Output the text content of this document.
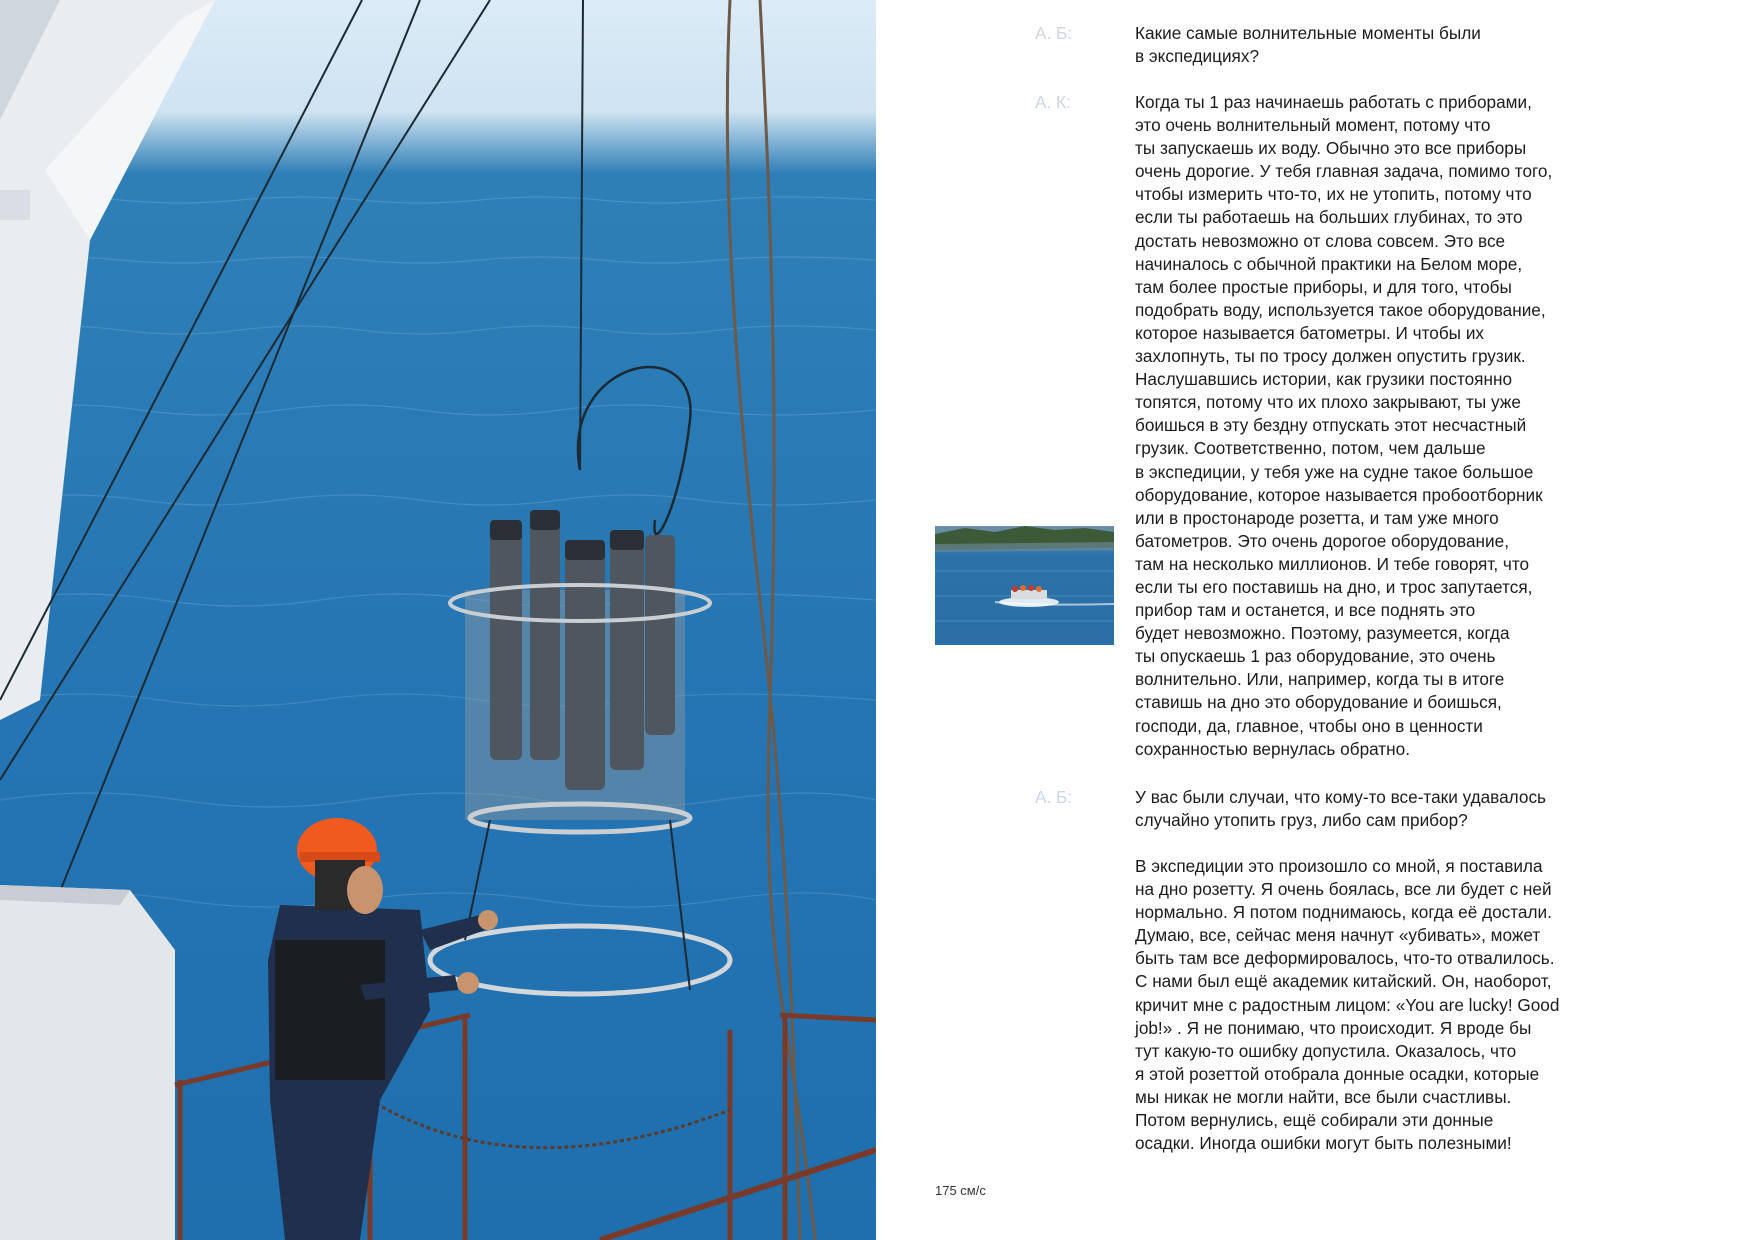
А. Б:	Какие самые волнительные моменты были
в экспедициях?

А. К:	Когда ты 1 раз начинаешь работать с приборами,
это очень волнительный момент, потому что
ты запускаешь их воду. Обычно это все приборы
очень дорогие. У тебя главная задача, помимо того,
чтобы измерить что-то, их не утопить, потому что
если ты работаешь на больших глубинах, то это
достать невозможно от слова совсем. Это все
начиналось с обычной практики на Белом море,
там более простые приборы, и для того, чтобы
подобрать воду, используется такое оборудование,
которое называется батометры. И чтобы их
захлопнуть, ты по тросу должен опустить грузик.
Наслушавшись истории, как грузики постоянно
топятся, потому что их плохо закрывают, ты уже
боишься в эту бездну отпускать этот несчастный
грузик. Соответственно, потом, чем дальше
в экспедиции, у тебя уже на судне такое большое
оборудование, которое называется пробоотборник
или в простонароде розетта, и там уже много
батометров. Это очень дорогое оборудование,
там на несколько миллионов. И тебе говорят, что
если ты его поставишь на дно, и трос запутается,
прибор там и останется, и все поднять это
будет невозможно. Поэтому, разумеется, когда
ты опускаешь 1 раз оборудование, это очень
волнительно. Или, например, когда ты в итоге
ставишь на дно это оборудование и боишься,
господи, да, главное, чтобы оно в ценности
сохранностью вернулась обратно.

А. Б:	У вас были случаи, что кому-то все-таки удавалось
случайно утопить груз, либо сам прибор?
В экспедиции это произошло со мной, я поставила
на дно розетту. Я очень боялась, все ли будет с ней
нормально. Я потом поднимаюсь, когда её достали.
Думаю, все, сейчас меня начнут «убивать», может
быть там все деформировалось, что-то отвалилось.
С нами был ещё академик китайский. Он, наоборот,
кричит мне с радостным лицом: «You are lucky! Good
job!» . Я не понимаю, что происходит. Я вроде бы
тут какую-то ошибку допустила. Оказалось, что
я этой розеттой отобрала донные осадки, которые
мы никак не могли найти, все были счастливы.
Потом вернулись, ещё собирали эти донные
осадки. Иногда ошибки могут быть полезными!

175 см/с
